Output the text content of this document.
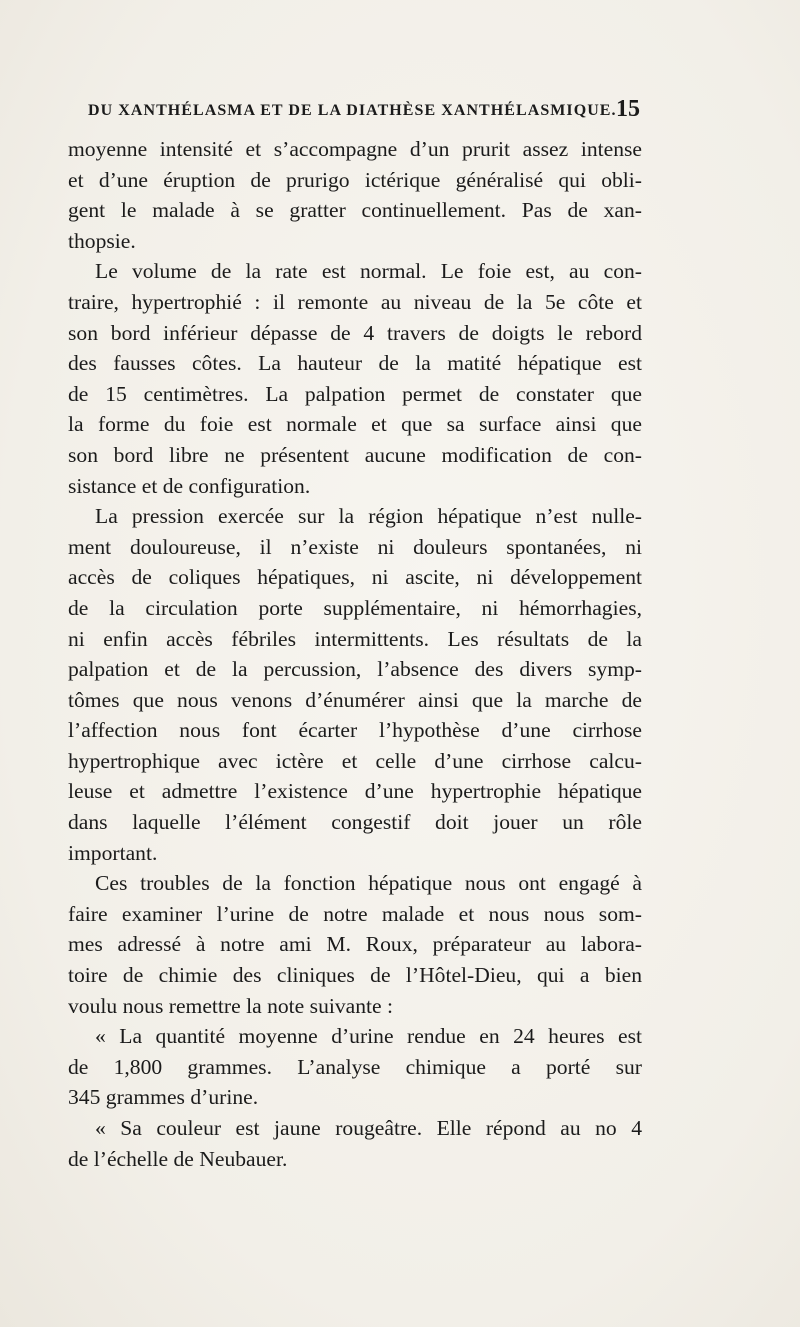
DU XANTHÉLASMA ET DE LA DIATHÈSE XANTHÉLASMIQUE. 15
moyenne intensité et s’accompagne d’un prurit assez intense
et d’une éruption de prurigo ictérique généralisé qui obli-
gent le malade à se gratter continuellement. Pas de xan-
thopsie.
Le volume de la rate est normal. Le foie est, au con-
traire, hypertrophié : il remonte au niveau de la 5e côte et
son bord inférieur dépasse de 4 travers de doigts le rebord
des fausses côtes. La hauteur de la matité hépatique est
de 15 centimètres. La palpation permet de constater que
la forme du foie est normale et que sa surface ainsi que
son bord libre ne présentent aucune modification de con-
sistance et de configuration.
La pression exercée sur la région hépatique n’est nulle-
ment douloureuse, il n’existe ni douleurs spontanées, ni
accès de coliques hépatiques, ni ascite, ni développement
de la circulation porte supplémentaire, ni hémorrhagies,
ni enfin accès fébriles intermittents. Les résultats de la
palpation et de la percussion, l’absence des divers symp-
tômes que nous venons d’énumérer ainsi que la marche de
l’affection nous font écarter l’hypothèse d’une cirrhose
hypertrophique avec ictère et celle d’une cirrhose calcu-
leuse et admettre l’existence d’une hypertrophie hépatique
dans laquelle l’élément congestif doit jouer un rôle
important.
Ces troubles de la fonction hépatique nous ont engagé à
faire examiner l’urine de notre malade et nous nous som-
mes adressé à notre ami M. Roux, préparateur au labora-
toire de chimie des cliniques de l’Hôtel-Dieu, qui a bien
voulu nous remettre la note suivante :
« La quantité moyenne d’urine rendue en 24 heures est
de 1,800 grammes. L’analyse chimique a porté sur
345 grammes d’urine.
« Sa couleur est jaune rougeâtre. Elle répond au no 4
de l’échelle de Neubauer.
